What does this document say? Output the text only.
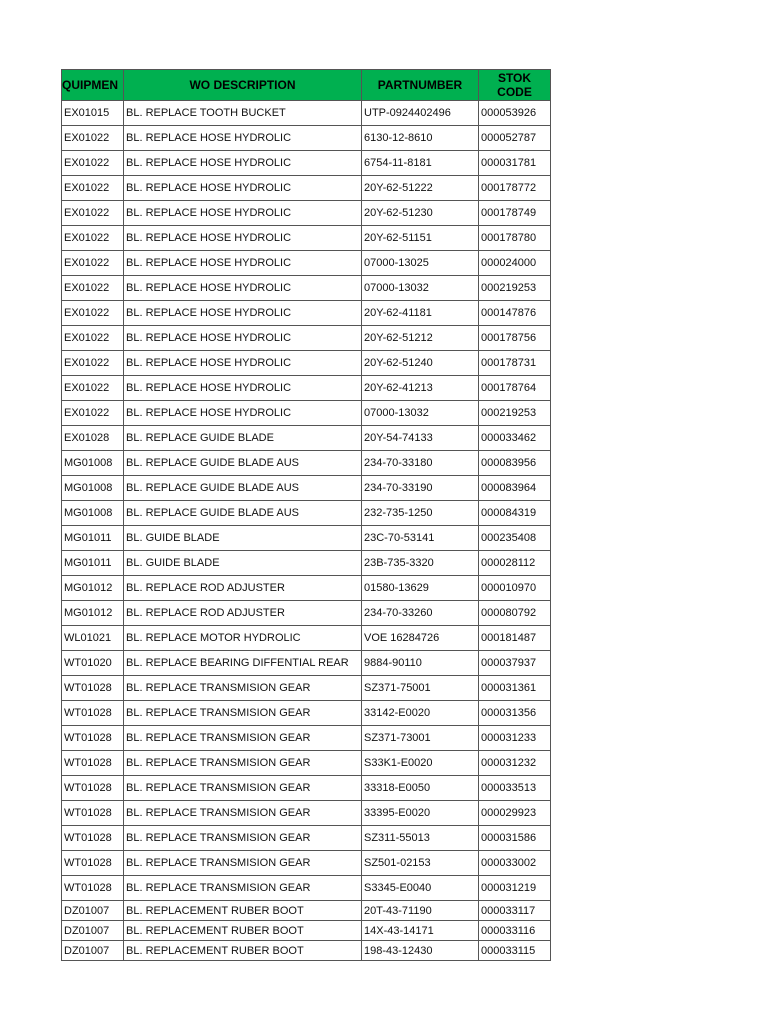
QUIPMEN	WO DESCRIPTION	PARTNUMBER	STOK CODE
EX01015	BL. REPLACE TOOTH BUCKET	UTP-0924402496	000053926
EX01022	BL. REPLACE HOSE HYDROLIC	6130-12-8610	000052787
EX01022	BL. REPLACE HOSE HYDROLIC	6754-11-8181	000031781
EX01022	BL. REPLACE HOSE HYDROLIC	20Y-62-51222	000178772
EX01022	BL. REPLACE HOSE HYDROLIC	20Y-62-51230	000178749
EX01022	BL. REPLACE HOSE HYDROLIC	20Y-62-51151	000178780
EX01022	BL. REPLACE HOSE HYDROLIC	07000-13025	000024000
EX01022	BL. REPLACE HOSE HYDROLIC	07000-13032	000219253
EX01022	BL. REPLACE HOSE HYDROLIC	20Y-62-41181	000147876
EX01022	BL. REPLACE HOSE HYDROLIC	20Y-62-51212	000178756
EX01022	BL. REPLACE HOSE HYDROLIC	20Y-62-51240	000178731
EX01022	BL. REPLACE HOSE HYDROLIC	20Y-62-41213	000178764
EX01022	BL. REPLACE HOSE HYDROLIC	07000-13032	000219253
EX01028	BL. REPLACE GUIDE BLADE	20Y-54-74133	000033462
MG01008	BL. REPLACE GUIDE BLADE AUS	234-70-33180	000083956
MG01008	BL. REPLACE GUIDE BLADE AUS	234-70-33190	000083964
MG01008	BL. REPLACE GUIDE BLADE AUS	232-735-1250	000084319
MG01011	BL. GUIDE BLADE	23C-70-53141	000235408
MG01011	BL. GUIDE BLADE	23B-735-3320	000028112
MG01012	BL. REPLACE ROD ADJUSTER	01580-13629	000010970
MG01012	BL. REPLACE ROD ADJUSTER	234-70-33260	000080792
WL01021	BL. REPLACE MOTOR HYDROLIC	VOE 16284726	000181487
WT01020	BL. REPLACE BEARING DIFFENTIAL REAR	9884-90110	000037937
WT01028	BL. REPLACE TRANSMISION GEAR	SZ371-75001	000031361
WT01028	BL. REPLACE TRANSMISION GEAR	33142-E0020	000031356
WT01028	BL. REPLACE TRANSMISION GEAR	SZ371-73001	000031233
WT01028	BL. REPLACE TRANSMISION GEAR	S33K1-E0020	000031232
WT01028	BL. REPLACE TRANSMISION GEAR	33318-E0050	000033513
WT01028	BL. REPLACE TRANSMISION GEAR	33395-E0020	000029923
WT01028	BL. REPLACE TRANSMISION GEAR	SZ311-55013	000031586
WT01028	BL. REPLACE TRANSMISION GEAR	SZ501-02153	000033002
WT01028	BL. REPLACE TRANSMISION GEAR	S3345-E0040	000031219
DZ01007	BL. REPLACEMENT RUBER BOOT	20T-43-71190	000033117
DZ01007	BL. REPLACEMENT RUBER BOOT	14X-43-14171	000033116
DZ01007	BL. REPLACEMENT RUBER BOOT	198-43-12430	000033115
